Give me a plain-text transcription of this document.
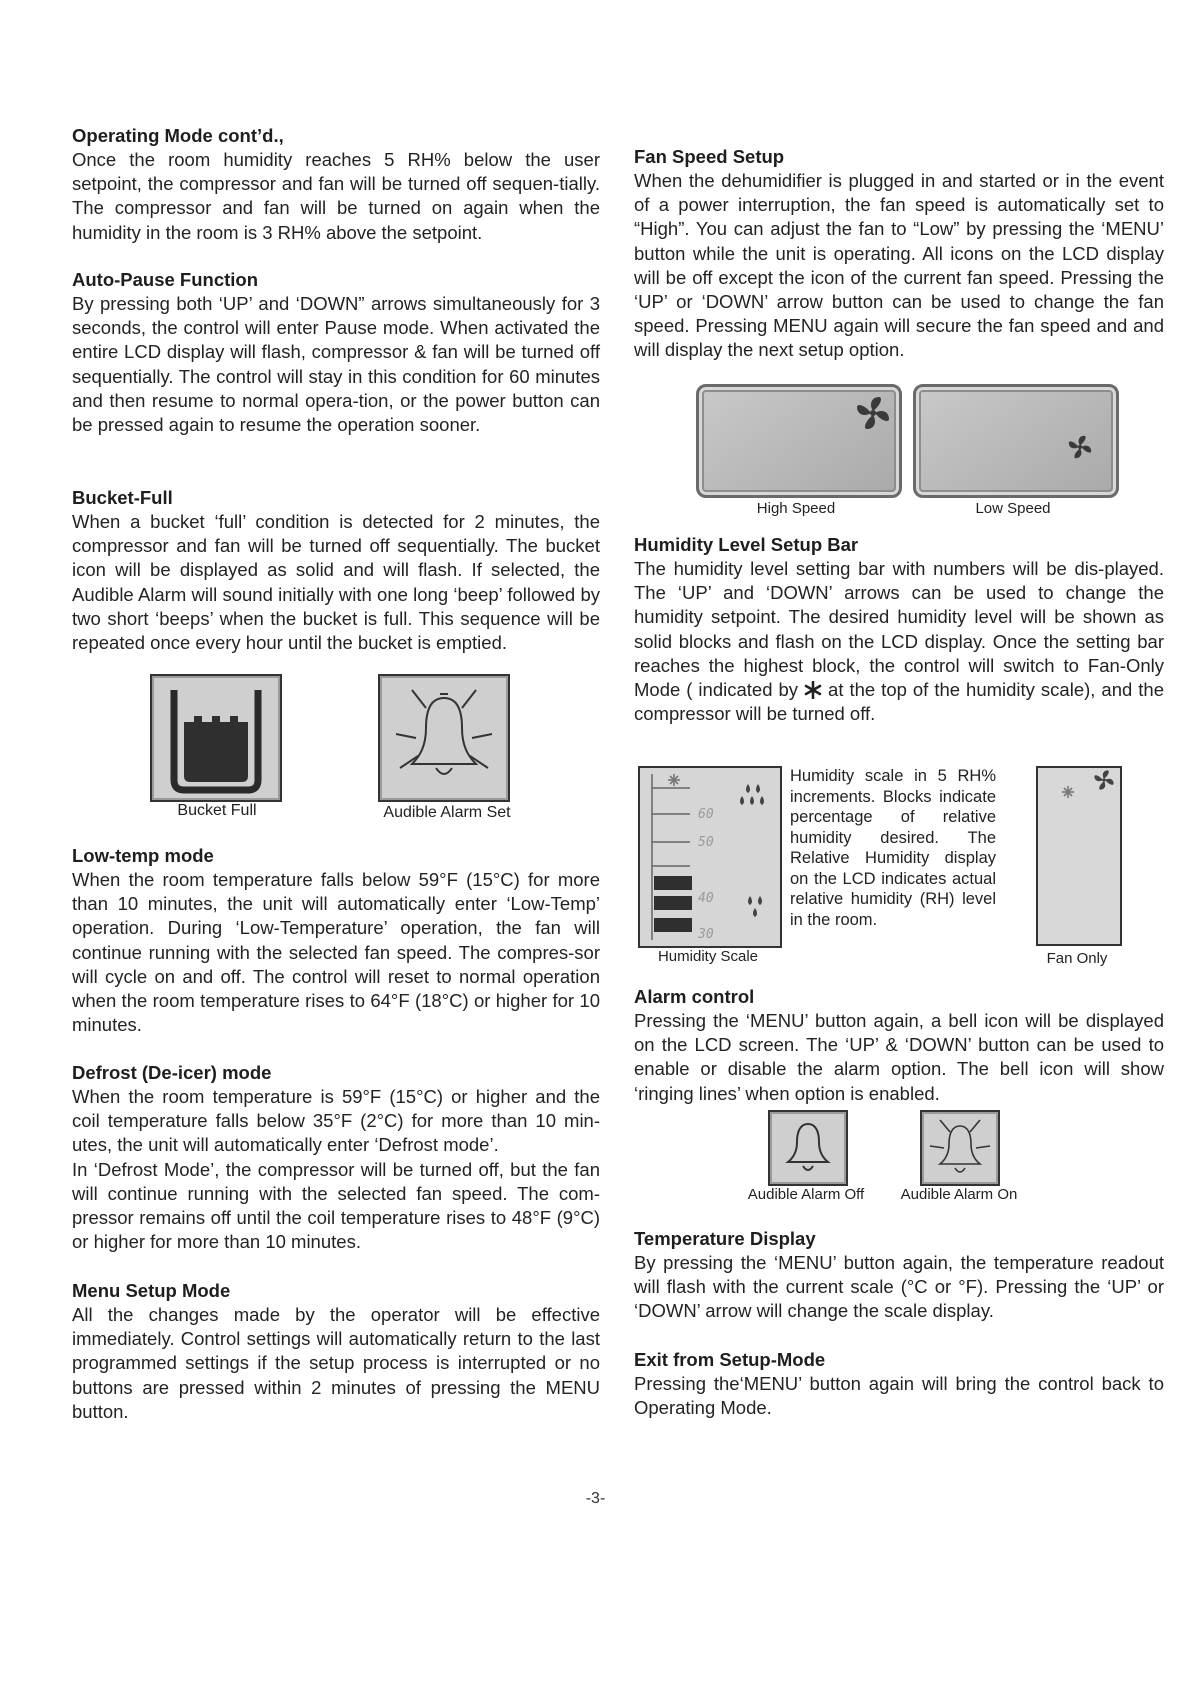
Operating Mode cont’d.,

Once the room humidity reaches 5 RH% below the user setpoint, the compressor and fan will be turned off sequen-tially. The compressor and fan will be turned on again when the humidity in the room is 3 RH% above the setpoint.

Auto-Pause Function

By pressing both ‘UP’ and ‘DOWN” arrows simultaneously for 3 seconds, the control will enter Pause mode. When activated the entire LCD display will flash, compressor & fan will be turned off sequentially. The control will stay in this condition for 60 minutes and then resume to normal opera-tion, or the power button can be pressed again to resume the operation sooner.

Bucket-Full

When a bucket ‘full’ condition is detected for 2 minutes, the compressor and fan will be turned off sequentially. The bucket icon will be displayed as solid and will flash. If selected, the Audible Alarm will sound initially with one long ‘beep’ followed by two short ‘beeps’ when the bucket is full. This sequence will be repeated once every hour until the bucket is emptied.

Bucket Full	Audible Alarm Set
Low-temp mode

When the room temperature falls below 59°F (15°C) for more than 10 minutes, the unit will automatically enter ‘Low-Temp’ operation. During ‘Low-Temperature’ operation, the fan will continue running with the selected fan speed. The compres-sor will cycle on and off. The control will reset to normal operation when the room temperature rises to 64°F (18°C) or higher for 10 minutes.

Defrost (De-icer) mode

When the room temperature is 59°F (15°C) or higher and the coil temperature falls below 35°F (2°C) for more than 10 min-utes, the unit will automatically enter ‘Defrost mode’.

In ‘Defrost Mode’, the compressor will be turned off, but the fan will continue running with the selected fan speed. The com-pressor remains off until the coil temperature rises to 48°F (9°C) or higher for more than 10 minutes.

Menu Setup Mode

All the changes made by the operator will be effective immediately. Control settings will automatically return to the last programmed settings if the setup process is interrupted or no buttons are pressed within 2 minutes of pressing the MENU button.

Fan Speed Setup

When the dehumidifier is plugged in and started or in the event of a power interruption, the fan speed is automatically set to “High”. You can adjust the fan to “Low” by pressing the ‘MENU’ button while the unit is operating. All icons on the LCD display will be off except the icon of the current fan speed. Pressing the ‘UP’ or ‘DOWN’ arrow button can be used to change the fan speed. Pressing MENU again will secure the fan speed and and will display the next setup option.

High Speed	Low Speed
Humidity Level Setup Bar

The humidity level setting bar with numbers will be dis-played. The ‘UP’ and ‘DOWN’ arrows can be used to change the humidity setpoint. The desired humidity level will be shown as solid blocks and flash on the LCD display. Once the setting bar reaches the highest block, the control will switch to Fan-Only Mode ( indicated by  at the top of the humidity scale), and the compressor will be turned off.

60
50
40
30
Humidity Scale
Humidity scale in 5 RH% increments. Blocks indicate percentage of relative humidity desired. The Relative Humidity display on the LCD indicates actual relative humidity (RH) level in the room.
Fan Only
Alarm control

Pressing the ‘MENU’ button again, a bell icon will be displayed on the LCD screen. The ‘UP’ & ‘DOWN’ button can be used to enable or disable the alarm option. The bell icon will show ‘ringing lines’ when option is enabled.

Audible Alarm Off	Audible Alarm On
Temperature Display

By pressing the ‘MENU’ button again, the temperature readout will flash with the current scale (°C or °F). Pressing the ‘UP’ or ‘DOWN’ arrow will change the scale display.

Exit from Setup-Mode

Pressing the‘MENU’ button again will bring the control back to Operating Mode.

-3-
